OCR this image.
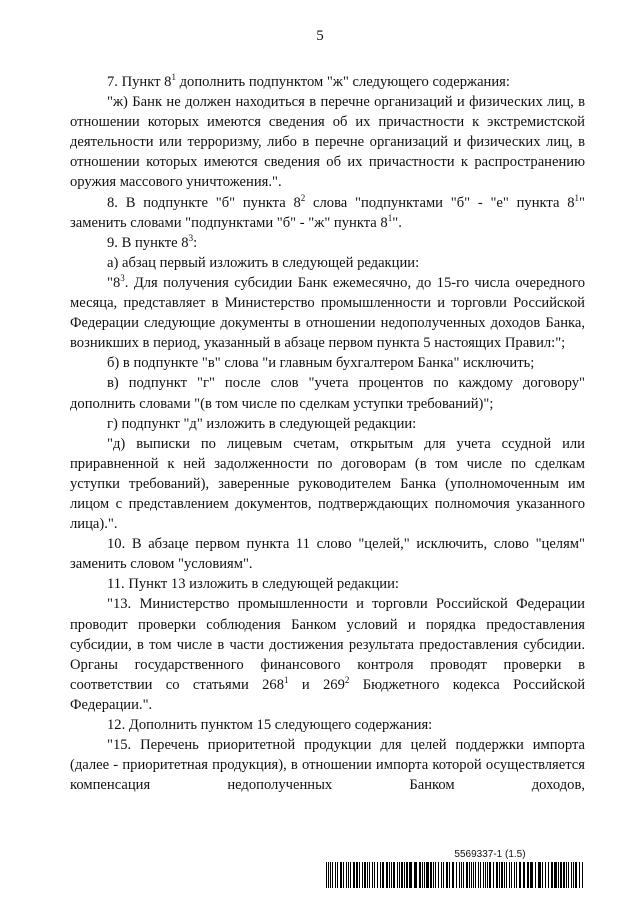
5

7. Пункт $8^1$ дополнить подпунктом "ж" следующего содержания:

"ж) Банк не должен находиться в перечне организаций и физических лиц, в отношении которых имеются сведения об их причастности к экстремистской деятельности или терроризму, либо в перечне организаций и физических лиц, в отношении которых имеются сведения об их причастности к распространению оружия массового уничтожения.".

8. В подпункте "б" пункта $8^2$ слова "подпунктами "б" - "е" пункта $8^1$" заменить словами "подпунктами "б" - "ж" пункта $8^1$".

9. В пункте $8^3$:

а) абзац первый изложить в следующей редакции:

"$8^3$. Для получения субсидии Банк ежемесячно, до 15-го числа очередного месяца, представляет в Министерство промышленности и торговли Российской Федерации следующие документы в отношении недополученных доходов Банка, возникших в период, указанный в абзаце первом пункта 5 настоящих Правил:";

б) в подпункте "в" слова "и главным бухгалтером Банка" исключить;

в) подпункт "г" после слов "учета процентов по каждому договору" дополнить словами "(в том числе по сделкам уступки требований)";

г) подпункт "д" изложить в следующей редакции:

"д) выписки по лицевым счетам, открытым для учета ссудной или приравненной к ней задолженности по договорам (в том числе по сделкам уступки требований), заверенные руководителем Банка (уполномоченным им лицом с представлением документов, подтверждающих полномочия указанного лица).".

10. В абзаце первом пункта 11 слово "целей," исключить, слово "целям" заменить словом "условиям".

11. Пункт 13 изложить в следующей редакции:

"13. Министерство промышленности и торговли Российской Федерации проводит проверки соблюдения Банком условий и порядка предоставления субсидии, в том числе в части достижения результата предоставления субсидии. Органы государственного финансового контроля проводят проверки в соответствии со статьями $268^1$ и $269^2$ Бюджетного кодекса Российской Федерации.".

12. Дополнить пунктом 15 следующего содержания:

"15. Перечень приоритетной продукции для целей поддержки импорта (далее - приоритетная продукция), в отношении импорта которой осуществляется компенсация недополученных Банком доходов,

5569337-1 (1.5)
